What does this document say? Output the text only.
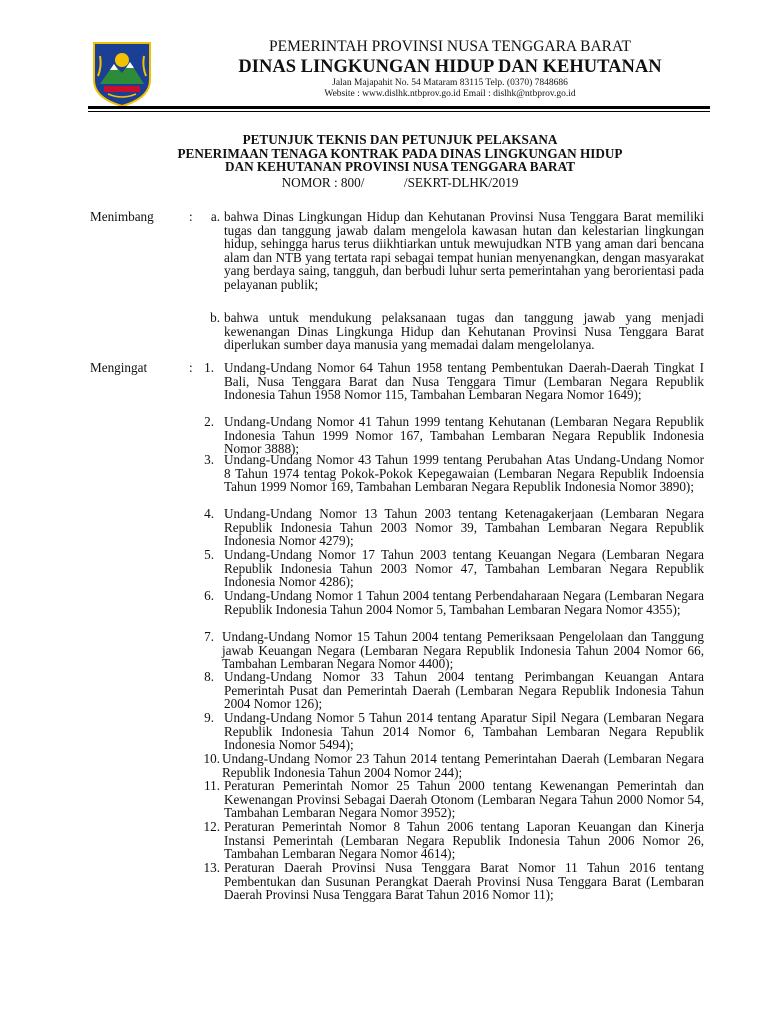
PEMERINTAH PROVINSI NUSA TENGGARA BARAT
DINAS LINGKUNGAN HIDUP DAN KEHUTANAN
Jalan Majapahit No. 54 Mataram 83115 Telp. (0370) 7848686
Website : www.dislhk.ntbprov.go.id Email : dislhk@ntbprov.go.id
PETUNJUK TEKNIS DAN PETUNJUK PELAKSANA
PENERIMAAN TENAGA KONTRAK PADA DINAS LINGKUNGAN HIDUP
DAN KEHUTANAN PROVINSI NUSA TENGGARA BARAT
NOMOR : 800/            /SEKRT-DLHK/2019
Menimbang	:	a. bahwa Dinas Lingkungan Hidup dan Kehutanan Provinsi Nusa Tenggara Barat memiliki tugas dan tanggung jawab dalam mengelola kawasan hutan dan kelestarian lingkungan hidup, sehingga harus terus diikhtiarkan untuk mewujudkan NTB yang aman dari bencana alam dan NTB yang tertata rapi sebagai tempat hunian menyenangkan, dengan masyarakat yang berdaya saing, tangguh, dan berbudi luhur serta pemerintahan yang berorientasi pada pelayanan publik;
b. bahwa untuk mendukung pelaksanaan tugas dan tanggung jawab yang menjadi kewenangan Dinas Lingkunga Hidup dan Kehutanan Provinsi Nusa Tenggara Barat diperlukan sumber daya manusia yang memadai dalam mengelolanya.
Mengingat	: 1. Undang-Undang Nomor 64 Tahun 1958 tentang Pembentukan Daerah-Daerah Tingkat I Bali, Nusa Tenggara Barat dan Nusa Tenggara Timur (Lembaran Negara Republik Indonesia Tahun 1958 Nomor 115, Tambahan Lembaran Negara Nomor 1649);
2. Undang-Undang Nomor 41 Tahun 1999 tentang Kehutanan (Lembaran Negara Republik Indonesia Tahun 1999 Nomor 167, Tambahan Lembaran Negara Republik Indonesia Nomor 3888);
3. Undang-Undang Nomor 43 Tahun 1999 tentang Perubahan Atas Undang-Undang Nomor 8 Tahun 1974 tentag Pokok-Pokok Kepegawaian (Lembaran Negara Republik Indoensia Tahun 1999 Nomor 169, Tambahan Lembaran Negara Republik Indonesia Nomor 3890);
4. Undang-Undang Nomor 13 Tahun 2003 tentang Ketenagakerjaan (Lembaran Negara Republik Indonesia Tahun 2003 Nomor 39, Tambahan Lembaran Negara Republik Indonesia Nomor 4279);
5. Undang-Undang Nomor 17 Tahun 2003 tentang Keuangan Negara (Lembaran Negara Republik Indonesia Tahun 2003 Nomor 47, Tambahan Lembaran Negara Republik Indonesia Nomor 4286);
6. Undang-Undang Nomor 1 Tahun 2004 tentang Perbendaharaan Negara (Lembaran Negara Republik Indonesia Tahun 2004 Nomor 5, Tambahan Lembaran Negara Nomor 4355);
7. Undang-Undang Nomor 15 Tahun 2004 tentang Pemeriksaan Pengelolaan dan Tanggung jawab Keuangan Negara (Lembaran Negara Republik Indonesia Tahun 2004 Nomor 66, Tambahan Lembaran Negara Nomor 4400);
8. Undang-Undang Nomor 33 Tahun 2004 tentang Perimbangan Keuangan Antara Pemerintah Pusat dan Pemerintah Daerah (Lembaran Negara Republik Indonesia Tahun 2004 Nomor 126);
9. Undang-Undang Nomor 5 Tahun 2014 tentang Aparatur Sipil Negara (Lembaran Negara Republik Indonesia Tahun 2014 Nomor 6, Tambahan Lembaran Negara Republik Indonesia Nomor 5494);
10. Undang-Undang Nomor 23 Tahun 2014 tentang Pemerintahan Daerah (Lembaran Negara Republik Indonesia Tahun 2004 Nomor 244);
11. Peraturan Pemerintah Nomor 25 Tahun 2000 tentang Kewenangan Pemerintah dan Kewenangan Provinsi Sebagai Daerah Otonom (Lembaran Negara Tahun 2000 Nomor 54, Tambahan Lembaran Negara Nomor 3952);
12. Peraturan Pemerintah Nomor 8 Tahun 2006 tentang Laporan Keuangan dan Kinerja Instansi Pemerintah (Lembaran Negara Republik Indonesia Tahun 2006 Nomor 26, Tambahan Lembaran Negara Nomor 4614);
13. Peraturan Daerah Provinsi Nusa Tenggara Barat Nomor 11 Tahun 2016 tentang Pembentukan dan Susunan Perangkat Daerah Provinsi Nusa Tenggara Barat (Lembaran Daerah Provinsi Nusa Tenggara Barat Tahun 2016 Nomor 11);
